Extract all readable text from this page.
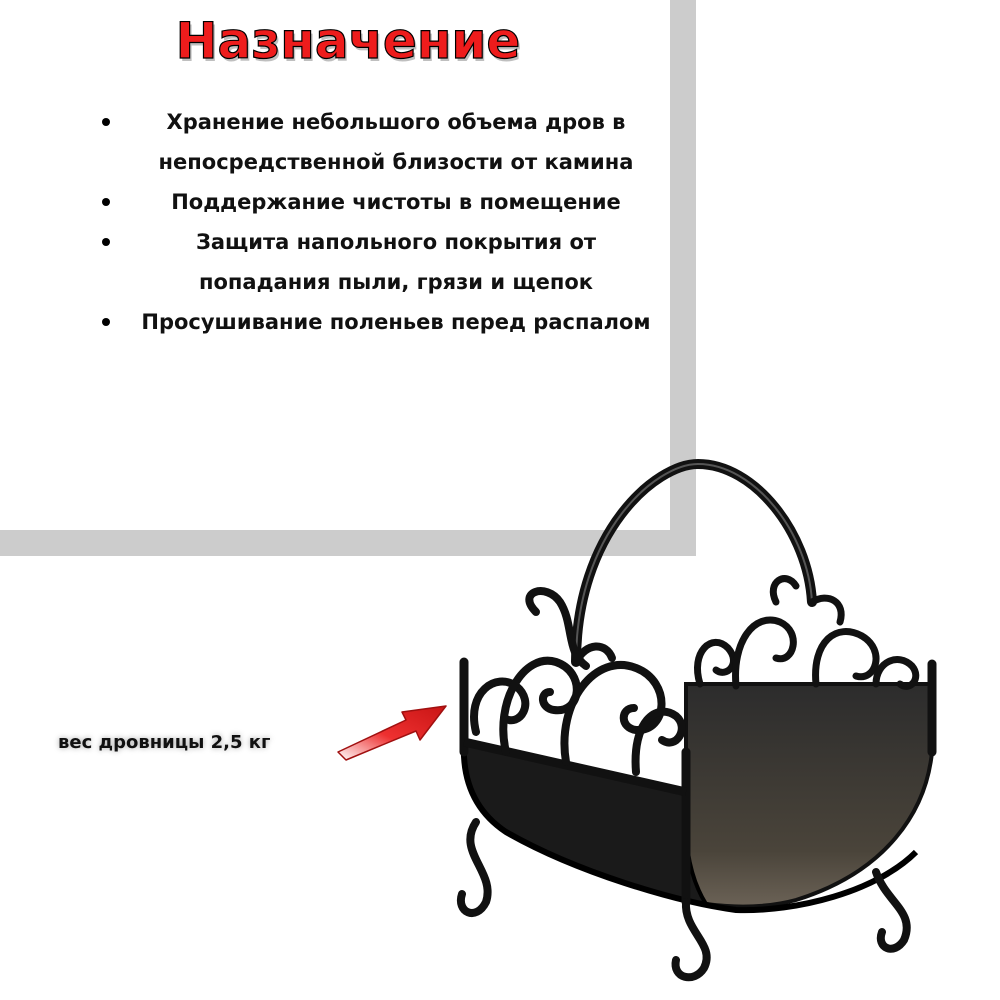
Назначение
Хранение небольшого объема дров в непосредственной близости от камина
Поддержание чистоты в помещение
Защита напольного покрытия от попадания пыли, грязи и щепок
Просушивание поленьев перед распалом
вес дровницы 2,5 кг
